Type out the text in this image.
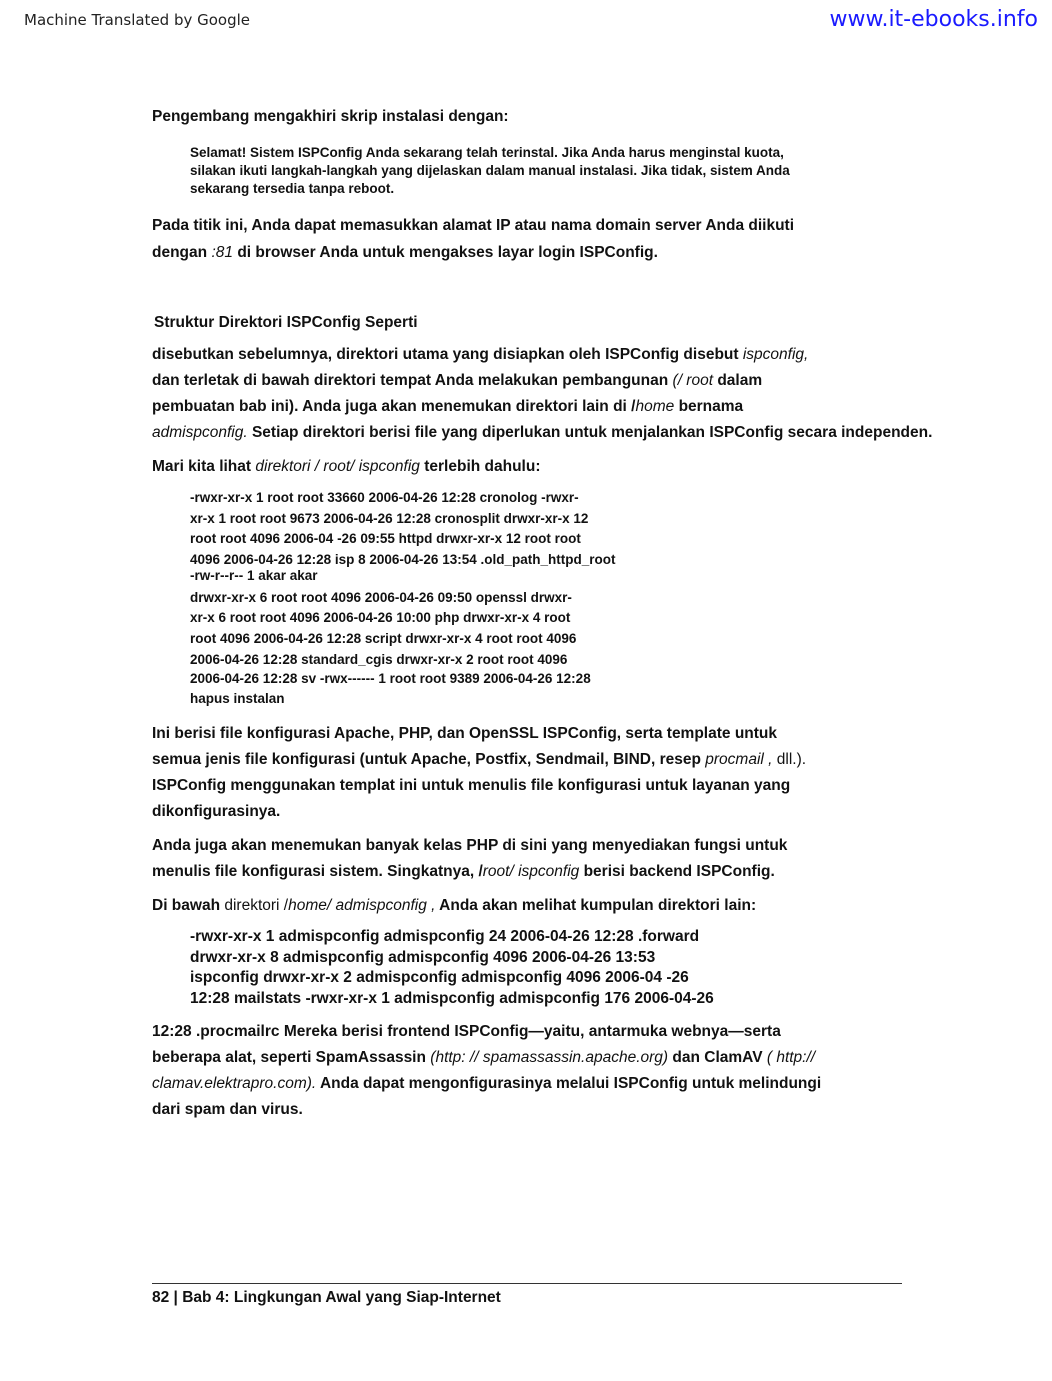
Machine Translated by Google	www.it-ebooks.info

Pengembang mengakhiri skrip instalasi dengan:

Selamat! Sistem ISPConfig Anda sekarang telah terinstal. Jika Anda harus menginstal kuota,
silakan ikuti langkah-langkah yang dijelaskan dalam manual instalasi. Jika tidak, sistem Anda
sekarang tersedia tanpa reboot.

Pada titik ini, Anda dapat memasukkan alamat IP atau nama domain server Anda diikuti
dengan :81 di browser Anda untuk mengakses layar login ISPConfig.

Struktur Direktori ISPConfig Seperti

disebutkan sebelumnya, direktori utama yang disiapkan oleh ISPConfig disebut ispconfig,
dan terletak di bawah direktori tempat Anda melakukan pembangunan (/ root dalam
pembuatan bab ini). Anda juga akan menemukan direktori lain di /home bernama
admispconfig. Setiap direktori berisi file yang diperlukan untuk menjalankan ISPConfig secara independen.

Mari kita lihat direktori / root/ ispconfig terlebih dahulu:

-rwxr-xr-x 1 root root 33660 2006-04-26 12:28 cronolog -rwxr-
xr-x 1 root root 9673 2006-04-26 12:28 cronosplit drwxr-xr-x 12
root root 4096 2006-04 -26 09:55 httpd drwxr-xr-x 12 root root
4096 2006-04-26 12:28 isp 8 2006-04-26 13:54 .old_path_httpd_root
-rw-r--r-- 1 akar akar
drwxr-xr-x 6 root root 4096 2006-04-26 09:50 openssl drwxr-
xr-x 6 root root 4096 2006-04-26 10:00 php drwxr-xr-x 4 root
root 4096 2006-04-26 12:28 script drwxr-xr-x 4 root root 4096
2006-04-26 12:28 standard_cgis drwxr-xr-x 2 root root 4096
2006-04-26 12:28 sv -rwx------ 1 root root 9389 2006-04-26 12:28
hapus instalan

Ini berisi file konfigurasi Apache, PHP, dan OpenSSL ISPConfig, serta template untuk
semua jenis file konfigurasi (untuk Apache, Postfix, Sendmail, BIND, resep procmail , dll.).
ISPConfig menggunakan templat ini untuk menulis file konfigurasi untuk layanan yang
dikonfigurasinya.

Anda juga akan menemukan banyak kelas PHP di sini yang menyediakan fungsi untuk
menulis file konfigurasi sistem. Singkatnya, /root/ ispconfig berisi backend ISPConfig.

Di bawah direktori /home/ admispconfig , Anda akan melihat kumpulan direktori lain:

-rwxr-xr-x 1 admispconfig admispconfig 24 2006-04-26 12:28 .forward
drwxr-xr-x 8 admispconfig admispconfig 4096 2006-04-26 13:53
ispconfig drwxr-xr-x 2 admispconfig admispconfig 4096 2006-04 -26
12:28 mailstats -rwxr-xr-x 1 admispconfig admispconfig 176 2006-04-26

12:28 .procmailrc Mereka berisi frontend ISPConfig—yaitu, antarmuka webnya—serta
beberapa alat, seperti SpamAssassin (http: // spamassassin.apache.org) dan ClamAV ( http://
clamav.elektrapro.com). Anda dapat mengonfigurasinya melalui ISPConfig untuk melindungi
dari spam dan virus.

82 | Bab 4: Lingkungan Awal yang Siap-Internet
